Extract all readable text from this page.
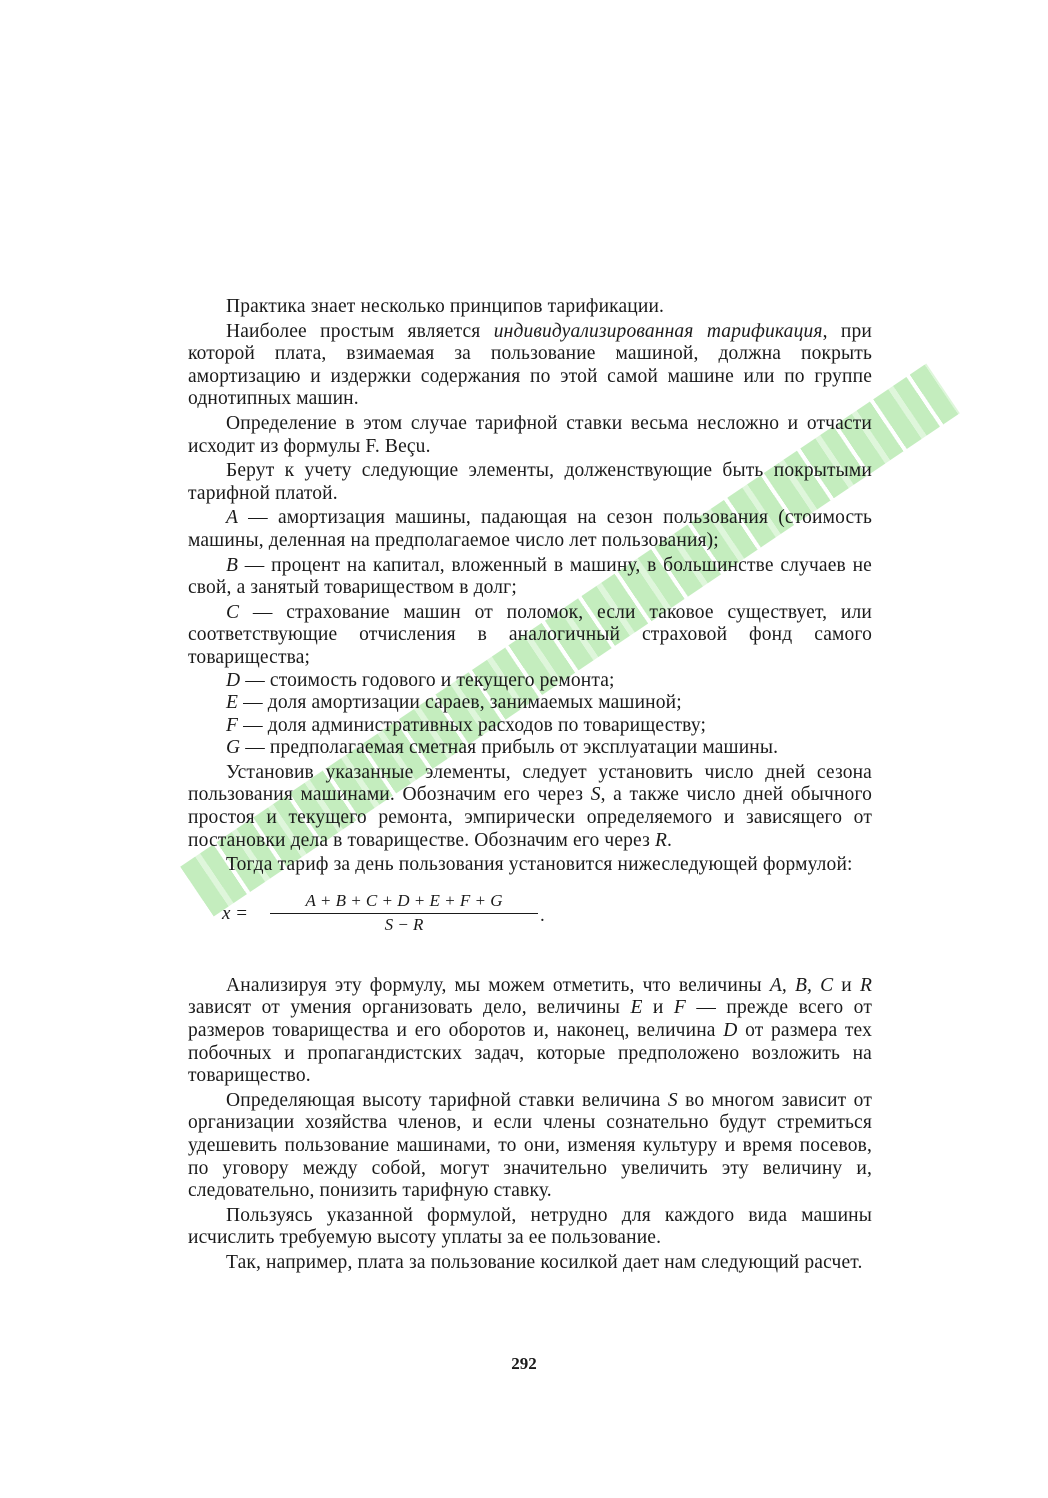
Практика знает несколько принципов тарификации.

Наиболее простым является индивидуализированная тарификация, при которой плата, взимаемая за пользование машиной, должна покрыть амортизацию и издержки содержания по этой самой машине или по группе однотипных машин.

Определение в этом случае тарифной ставки весьма несложно и отчасти исходит из формулы F. Beçu.

Берут к учету следующие элементы, долженствующие быть покрытыми тарифной платой.

A — амортизация машины, падающая на сезон пользования (стоимость машины, деленная на предполагаемое число лет пользования);

B — процент на капитал, вложенный в машину, в большинстве случаев не свой, а занятый товариществом в долг;

C — страхование машин от поломок, если таковое существует, или соответствующие отчисления в аналогичный страховой фонд самого товарищества;

D — стоимость годового и текущего ремонта;

E — доля амортизации сараев, занимаемых машиной;

F — доля административных расходов по товариществу;

G — предполагаемая сметная прибыль от эксплуатации машины.

Установив указанные элементы, следует установить число дней сезона пользования машинами. Обозначим его через S, а также число дней обычного простоя и текущего ремонта, эмпирически определяемого и зависящего от постановки дела в товариществе. Обозначим его через R.

Тогда тариф за день пользования установится нижеследующей формулой:

x =
A + B + C + D + E + F + G
S − R	.

Анализируя эту формулу, мы можем отметить, что величины A, B, C и R зависят от умения организовать дело, величины E и F — прежде всего от размеров товарищества и его оборотов и, наконец, величина D от размера тех побочных и пропагандистских задач, которые предположено возложить на товарищество.

Определяющая высоту тарифной ставки величина S во многом зависит от организации хозяйства членов, и если члены сознательно будут стремиться удешевить пользование машинами, то они, изменяя культуру и время посевов, по уговору между собой, могут значительно увеличить эту величину и, следовательно, понизить тарифную ставку.

Пользуясь указанной формулой, нетрудно для каждого вида машины исчислить требуемую высоту уплаты за ее пользование.

Так, например, плата за пользование косилкой дает нам следующий расчет.

292
